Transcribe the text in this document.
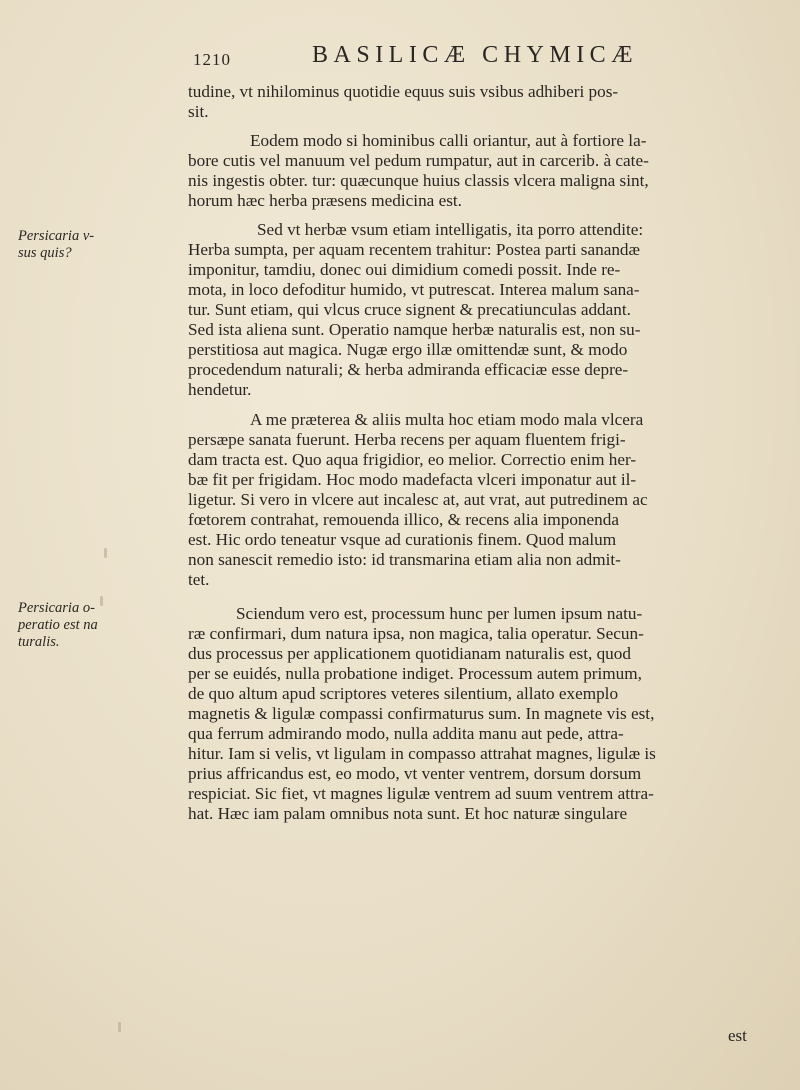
1210	BASILICÆ CHYMICÆ
Persicaria v- sus quis?
Persicaria o- peratio est na turalis.
tudine, vt nihilominus quotidie equus suis vsibus adhiberi pos-
sit.
Eodem modo si hominibus calli oriantur, aut à fortiore la-
bore cutis vel manuum vel pedum rumpatur, aut in carcerib. à cate-
nis ingestis obter. tur: quæcunque huius classis vlcera maligna sint,
horum hæc herba præsens medicina est.
Sed vt herbæ vsum etiam intelligatis, ita porro attendite:
Herba sumpta, per aquam recentem trahitur: Postea parti sanandæ
imponitur, tamdiu, donec oui dimidium comedi possit. Inde re-
mota, in loco defoditur humido, vt putrescat. Interea malum sana-
tur. Sunt etiam, qui vlcus cruce signent & precatiunculas addant.
Sed ista aliena sunt. Operatio namque herbæ naturalis est, non su-
perstitiosa aut magica. Nugæ ergo illæ omittendæ sunt, & modo
procedendum naturali; & herba admiranda efficaciæ esse depre-
hendetur.
A me præterea & aliis multa hoc etiam modo mala vlcera
persæpe sanata fuerunt. Herba recens per aquam fluentem frigi-
dam tracta est. Quo aqua frigidior, eo melior. Correctio enim her-
bæ fit per frigidam. Hoc modo madefacta vlceri imponatur aut il-
ligetur. Si vero in vlcere aut incalesc at, aut vrat, aut putredinem ac
fœtorem contrahat, remouenda illico, & recens alia imponenda
est. Hic ordo teneatur vsque ad curationis finem. Quod malum
non sanescit remedio isto: id transmarina etiam alia non admit-
tet.
Sciendum vero est, processum hunc per lumen ipsum natu-
ræ confirmari, dum natura ipsa, non magica, talia operatur. Secun-
dus processus per applicationem quotidianam naturalis est, quod
per se euidés, nulla probatione indiget. Processum autem primum,
de quo altum apud scriptores veteres silentium, allato exemplo
magnetis & ligulæ compassi confirmaturus sum. In magnete vis est,
qua ferrum admirando modo, nulla addita manu aut pede, attra-
hitur. Iam si velis, vt ligulam in compasso attrahat magnes, ligulæ is
prius affricandus est, eo modo, vt venter ventrem, dorsum dorsum
respiciat. Sic fiet, vt magnes ligulæ ventrem ad suum ventrem attra-
hat. Hæc iam palam omnibus nota sunt. Et hoc naturæ singulare
est
